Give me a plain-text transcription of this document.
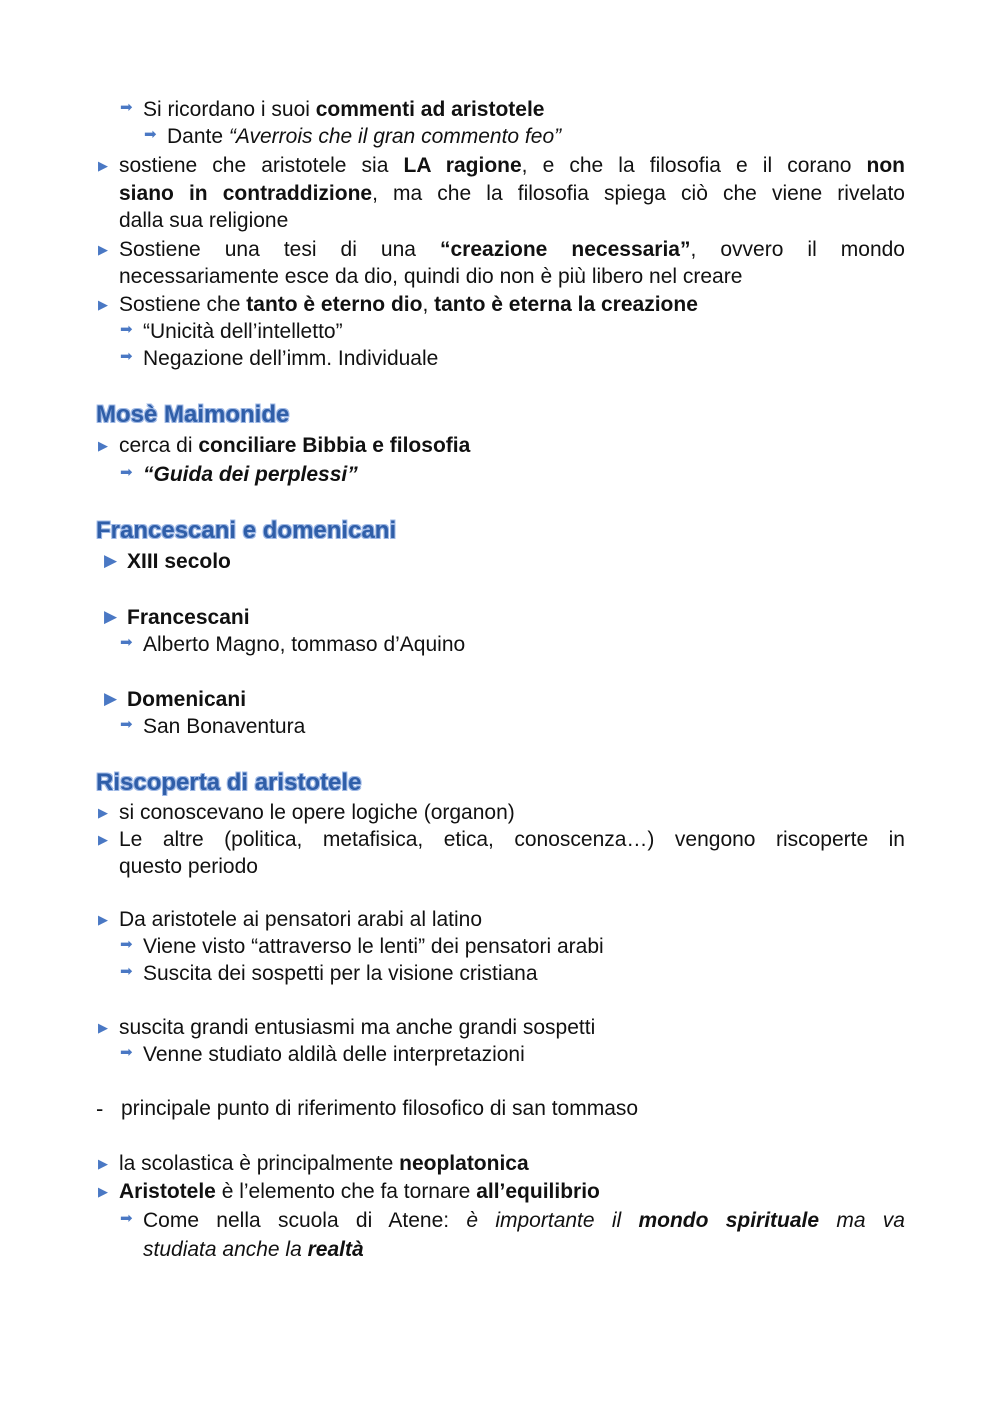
➡ Si ricordano i suoi commenti ad aristotele
➡ Dante “Averrois che il gran commento feo”
▶ sostiene che aristotele sia LA ragione, e che la filosofia e il corano non
siano in contraddizione, ma che la filosofia spiega ciò che viene rivelato
dalla sua religione
▶ Sostiene una tesi di una “creazione necessaria”, ovvero il mondo
necessariamente esce da dio, quindi dio non è più libero nel creare
▶ Sostiene che tanto è eterno dio, tanto è eterna la creazione
➡ “Unicità dell’intelletto”
➡ Negazione dell’imm. Individuale
Mosè Maimonide
▶ cerca di conciliare Bibbia e filosofia
➡ “Guida dei perplessi”
Francescani e domenicani
▶ XIII secolo
▶ Francescani
➡ Alberto Magno, tommaso d’Aquino
▶ Domenicani
➡ San Bonaventura
Riscoperta di aristotele
▶ si conoscevano le opere logiche (organon)
▶ Le altre (politica, metafisica, etica, conoscenza…) vengono riscoperte in
questo periodo
▶ Da aristotele ai pensatori arabi al latino
➡ Viene visto “attraverso le lenti” dei pensatori arabi
➡ Suscita dei sospetti per la visione cristiana
▶ suscita grandi entusiasmi ma anche grandi sospetti
➡ Venne studiato aldilà delle interpretazioni
- principale punto di riferimento filosofico di san tommaso
▶ la scolastica è principalmente neoplatonica
▶ Aristotele è l’elemento che fa tornare all’equilibrio
➡ Come nella scuola di Atene: è importante il mondo spirituale ma va
studiata anche la realtà
